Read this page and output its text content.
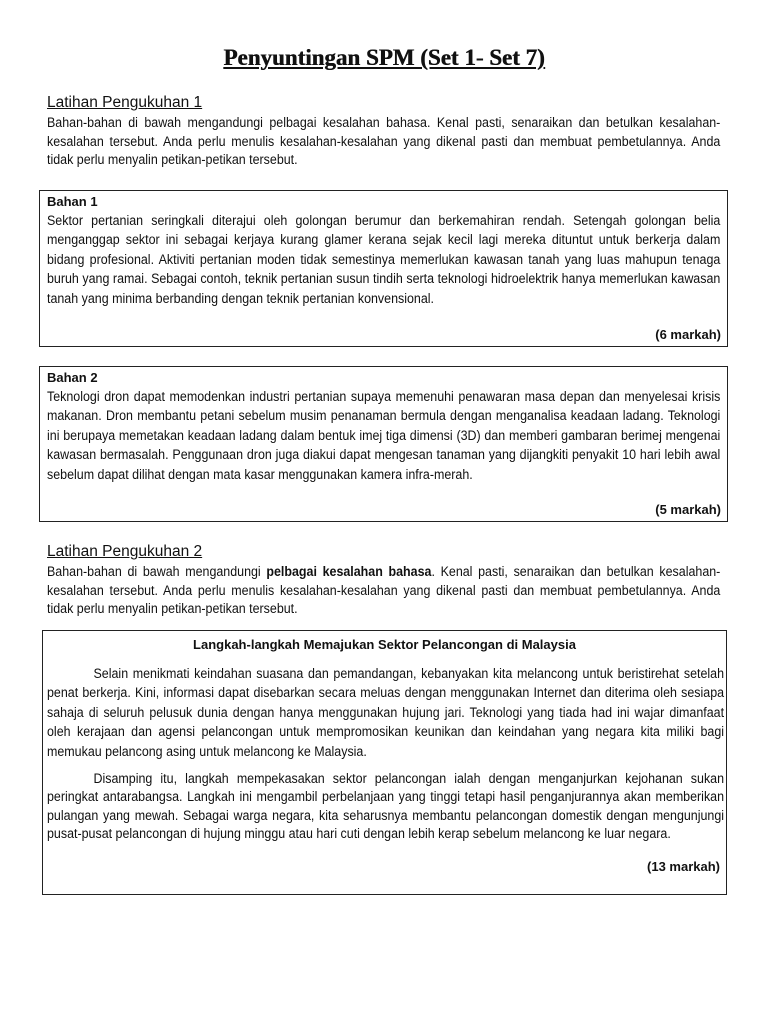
Penyuntingan SPM (Set 1- Set 7)
Latihan Pengukuhan 1
Bahan-bahan di bawah mengandungi pelbagai kesalahan bahasa. Kenal pasti, senaraikan dan betulkan kesalahan-kesalahan tersebut. Anda perlu menulis kesalahan-kesalahan yang dikenal pasti dan membuat pembetulannya. Anda tidak perlu menyalin petikan-petikan tersebut.
Bahan 1
Sektor pertanian seringkali diterajui oleh golongan berumur dan berkemahiran rendah. Setengah golongan belia menganggap sektor ini sebagai kerjaya kurang glamer kerana sejak kecil lagi mereka dituntut untuk berkerja dalam bidang profesional. Aktiviti pertanian moden tidak semestinya memerlukan kawasan tanah yang luas mahupun tenaga buruh yang ramai. Sebagai contoh, teknik pertanian susun tindih serta teknologi hidroelektrik hanya memerlukan kawasan tanah yang minima berbanding dengan teknik pertanian konvensional.
(6 markah)
Bahan 2
Teknologi dron dapat memodenkan industri pertanian supaya memenuhi penawaran masa depan dan menyelesai krisis makanan. Dron membantu petani sebelum musim penanaman bermula dengan menganalisa keadaan ladang. Teknologi ini berupaya memetakan keadaan ladang dalam bentuk imej tiga dimensi (3D) dan memberi gambaran berimej mengenai kawasan bermasalah. Penggunaan dron juga diakui dapat mengesan tanaman yang dijangkiti penyakit 10 hari lebih awal sebelum dapat dilihat dengan mata kasar menggunakan kamera infra-merah.
(5 markah)
Latihan Pengukuhan 2
Bahan-bahan di bawah mengandungi pelbagai kesalahan bahasa. Kenal pasti, senaraikan dan betulkan kesalahan-kesalahan tersebut. Anda perlu menulis kesalahan-kesalahan yang dikenal pasti dan membuat pembetulannya. Anda tidak perlu menyalin petikan-petikan tersebut.
Langkah-langkah Memajukan Sektor Pelancongan di Malaysia
Selain menikmati keindahan suasana dan pemandangan, kebanyakan kita melancong untuk beristirehat setelah penat berkerja. Kini, informasi dapat disebarkan secara meluas dengan menggunakan Internet dan diterima oleh sesiapa sahaja di seluruh pelusuk dunia dengan hanya menggunakan hujung jari. Teknologi yang tiada had ini wajar dimanfaat oleh kerajaan dan agensi pelancongan untuk mempromosikan keunikan dan keindahan yang negara kita miliki bagi memukau pelancong asing untuk melancong ke Malaysia.
Disamping itu, langkah mempekasakan sektor pelancongan ialah dengan menganjurkan kejohanan sukan peringkat antarabangsa. Langkah ini mengambil perbelanjaan yang tinggi tetapi hasil penganjurannya akan memberikan pulangan yang mewah. Sebagai warga negara, kita seharusnya membantu pelancongan domestik dengan mengunjungi pusat-pusat pelancongan di hujung minggu atau hari cuti dengan lebih kerap sebelum melancong ke luar negara.
(13 markah)
